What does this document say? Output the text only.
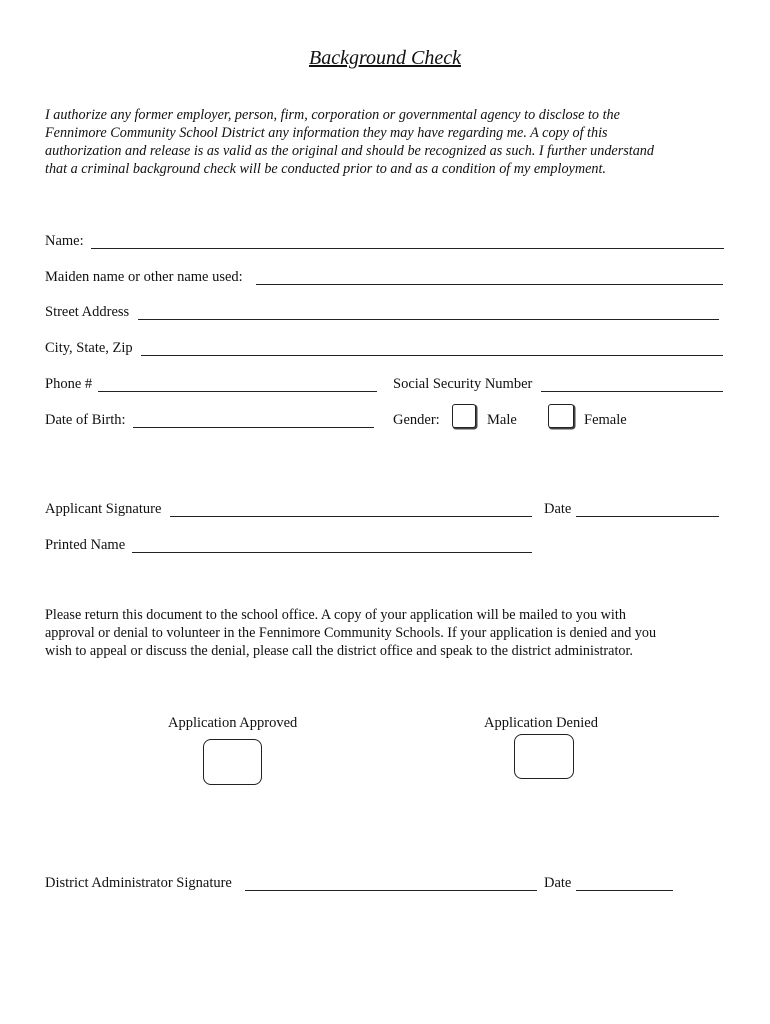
Background Check
I authorize any former employer, person, firm, corporation or governmental agency to disclose to the
Fennimore Community School District any information they may have regarding me. A copy of this
authorization and release is as valid as the original and should be recognized as such. I further understand
that a criminal background check will be conducted prior to and as a condition of my employment.
Name:
Maiden name or other name used:
Street Address
City, State, Zip
Phone #	Social Security Number
Date of Birth:	Gender:	Male	Female
Applicant Signature	Date
Printed Name
Please return this document to the school office. A copy of your application will be mailed to you with
approval or denial to volunteer in the Fennimore Community Schools. If your application is denied and you
wish to appeal or discuss the denial, please call the district office and speak to the district administrator.
Application Approved	Application Denied
District Administrator Signature	Date
